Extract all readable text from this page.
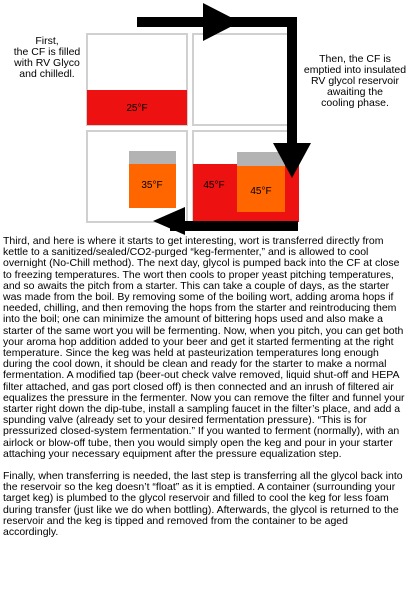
25°F
35°F	45°F
45°F
First,
the CF is filled
with RV Glyco
and chilledl.
Then, the CF is
emptied into insulated
RV glycol reservoir
awaiting the
cooling phase.

Third, and here is where it starts to get interesting, wort is transferred directly from kettle to a sanitized/sealed/CO2-purged “keg-fermenter,” and is allowed to cool overnight (No-Chill method). The next day, glycol is pumped back into the CF at close to freezing temperatures. The wort then cools to proper yeast pitching temperatures, and so awaits the pitch from a starter. This can take a couple of days, as the starter was made from the boil. By removing some of the boiling wort, adding aroma hops if needed, chilling, and then removing the hops from the starter and reintroducing them into the boil; one can minimize the amount of bittering hops used and also make a starter of the same wort you will be fermenting. Now, when you pitch, you can get both your aroma hop addition added to your beer and get it started fermenting at the right temperature. Since the keg was held at pasteurization temperatures long enough during the cool down, it should be clean and ready for the starter to make a normal fermentation. A modified tap (beer-out check valve removed, liquid shut-off and HEPA filter attached, and gas port closed off) is then connected and an inrush of filtered air equalizes the pressure in the fermenter. Now you can remove the filter and funnel your starter right down the dip-tube, install a sampling faucet in the filter’s place, and add a spunding valve (already set to your desired fermentation pressure). “This is for pressurized closed-system fermentation.” If you wanted to ferment (normally), with an airlock or blow-off tube, then you would simply open the keg and pour in your starter attaching your necessary equipment after the pressure equalization step.

Finally, when transferring is needed, the last step is transferring all the glycol back into the reservoir so the keg doesn’t “float” as it is emptied. A container (surrounding your target keg) is plumbed to the glycol reservoir and filled to cool the keg for less foam during transfer (just like we do when bottling). Afterwards, the glycol is returned to the reservoir and the keg is tipped and removed from the container to be aged accordingly.
